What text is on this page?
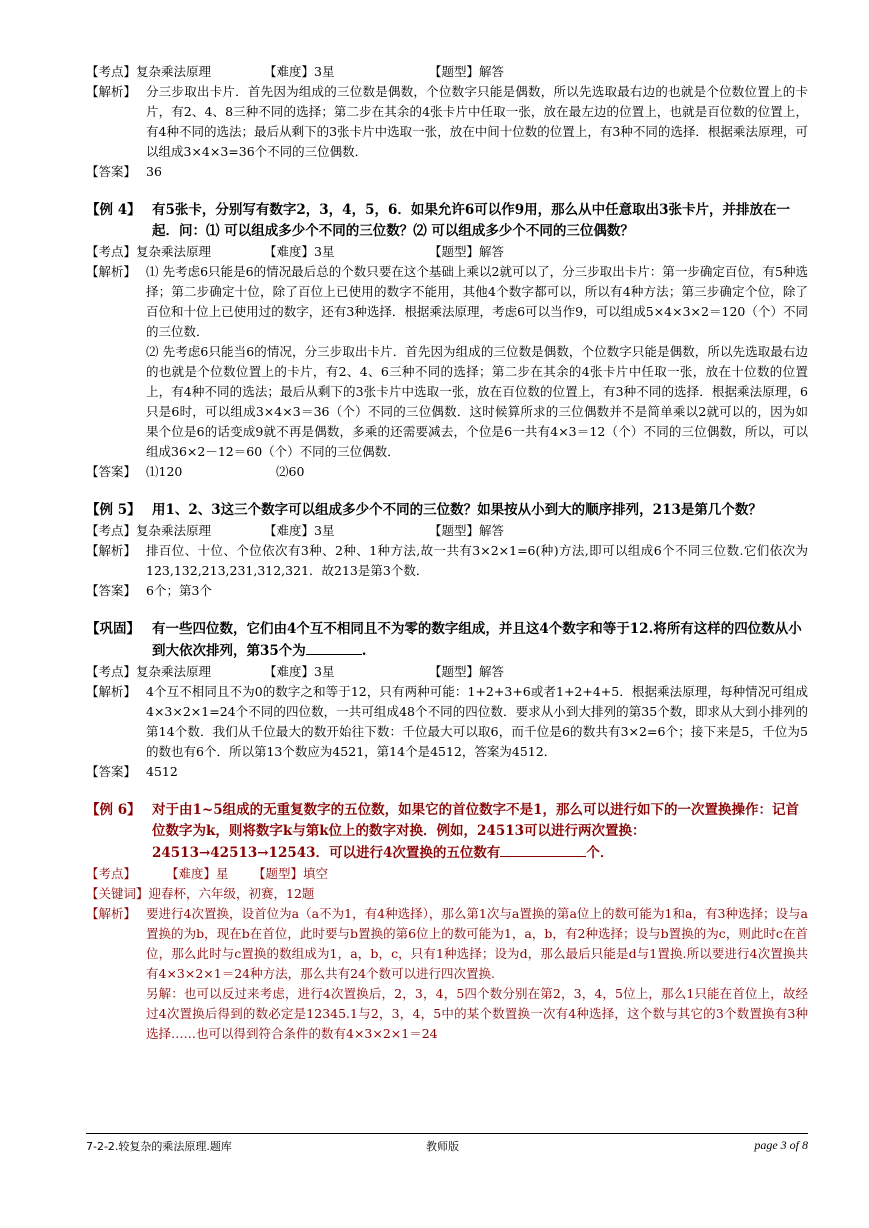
【考点】复杂乘法原理	【难度】3星	【题型】解答
【解析】 分三步取出卡片．首先因为组成的三位数是偶数，个位数字只能是偶数，所以先选取最右边的也就是个位数位置上的卡片，有2、4、8三种不同的选择；第二步在其余的4张卡片中任取一张，放在最左边的位置上，也就是百位数的位置上，有4种不同的选法；最后从剩下的3张卡片中选取一张，放在中间十位数的位置上，有3种不同的选择．根据乘法原理，可以组成3×4×3=36个不同的三位偶数．
【答案】 36
【例 4】 有5张卡，分别写有数字2，3，4，5，6．如果允许6可以作9用，那么从中任意取出3张卡片，并排放在一起．问：⑴ 可以组成多少个不同的三位数？⑵ 可以组成多少个不同的三位偶数？
【考点】复杂乘法原理	【难度】3星	【题型】解答
【解析】 ⑴ 先考虑6只能是6的情况最后总的个数只要在这个基础上乘以2就可以了，分三步取出卡片：第一步确定百位，有5种选择；第二步确定十位，除了百位上已使用的数字不能用，其他4个数字都可以，所以有4种方法；第三步确定个位，除了百位和十位上已使用过的数字，还有3种选择．根据乘法原理，考虑6可以当作9，可以组成5×4×3×2＝120（个）不同的三位数．
⑵ 先考虑6只能当6的情况，分三步取出卡片．首先因为组成的三位数是偶数，个位数字只能是偶数，所以先选取最右边的也就是个位数位置上的卡片，有2、4、6三种不同的选择；第二步在其余的4张卡片中任取一张，放在十位数的位置上，有4种不同的选法；最后从剩下的3张卡片中选取一张，放在百位数的位置上，有3种不同的选择．根据乘法原理，6只是6时，可以组成3×4×3＝36（个）不同的三位偶数．这时候算所求的三位偶数并不是简单乘以2就可以的，因为如果个位是6的话变成9就不再是偶数，多乘的还需要减去，个位是6一共有4×3＝12（个）不同的三位偶数，所以，可以组成36×2－12＝60（个）不同的三位偶数．
【答案】 ⑴120	⑵60
【例 5】 用1、2、3这三个数字可以组成多少个不同的三位数？如果按从小到大的顺序排列，213是第几个数？
【考点】复杂乘法原理	【难度】3星	【题型】解答
【解析】 排百位、十位、个位依次有3种、2种、1种方法,故一共有3×2×1=6(种)方法,即可以组成6个不同三位数.它们依次为123,132,213,231,312,321．故213是第3个数．
【答案】 6个；第3个
【巩固】 有一些四位数，它们由4个互不相同且不为零的数字组成，并且这4个数字和等于12.将所有这样的四位数从小到大依次排列，第35个为	.
【考点】复杂乘法原理	【难度】3星	【题型】解答
【解析】 4个互不相同且不为0的数字之和等于12，只有两种可能：1+2+3+6或者1+2+4+5．根据乘法原理，每种情况可组成4×3×2×1=24个不同的四位数，一共可组成48个不同的四位数．要求从小到大排列的第35个数，即求从大到小排列的第14个数．我们从千位最大的数开始往下数：千位最大可以取6，而千位是6的数共有3×2=6个；接下来是5，千位为5的数也有6个．所以第13个数应为4521，第14个是4512，答案为4512．
【答案】 4512
【例 6】 对于由1~5组成的无重复数字的五位数，如果它的首位数字不是1，那么可以进行如下的一次置换操作：记首位数字为k，则将数字k与第k位上的数字对换．例如，24513可以进行两次置换：24513→42513→12543．可以进行4次置换的五位数有	个．
【考点】	【难度】星	【题型】填空
【关键词】 迎春杯，六年级，初赛，12题
【解析】 要进行4次置换，设首位为a（a不为1，有4种选择），那么第1次与a置换的第a位上的数可能为1和a，有3种选择；设与a置换的为b，现在b在首位，此时要与b置换的第6位上的数可能为1，a，b，有2种选择；设与b置换的为c，则此时c在首位，那么此时与c置换的数组成为1，a，b，c，只有1种选择；设为d，那么最后只能是d与1置换.所以要进行4次置换共有4×3×2×1＝24种方法，那么共有24个数可以进行四次置换.
另解：也可以反过来考虑，进行4次置换后，2，3，4，5四个数分别在第2，3，4，5位上，那么1只能在首位上，故经过4次置换后得到的数必定是12345.1与2，3，4，5中的某个数置换一次有4种选择，这个数与其它的3个数置换有3种选择……也可以得到符合条件的数有4×3×2×1＝24
7-2-2.较复杂的乘法原理.题库	教师版	page 3 of 8
